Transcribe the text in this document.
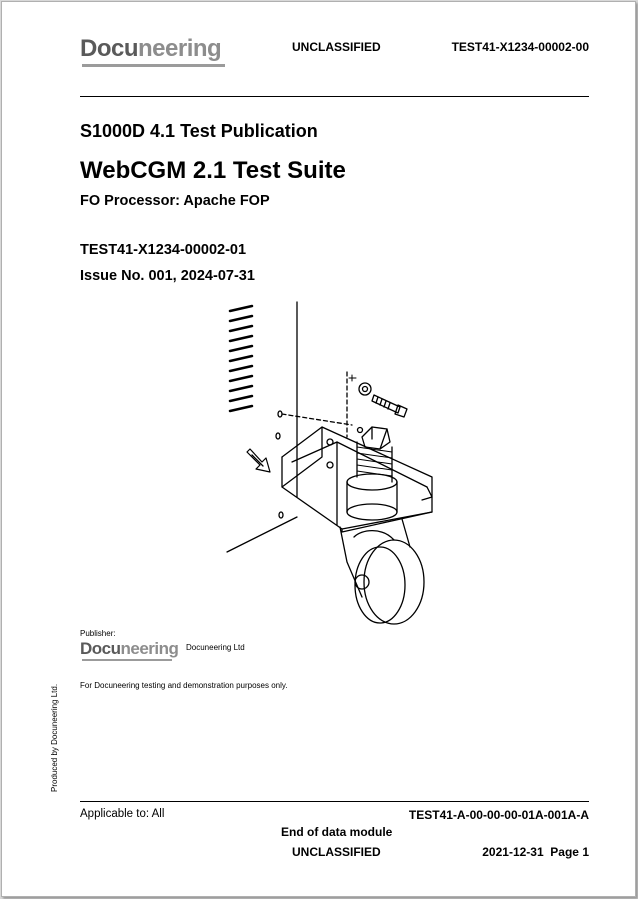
Docuneering	UNCLASSIFIED	TEST41-X1234-00002-00
S1000D 4.1 Test Publication
WebCGM 2.1 Test Suite
FO Processor: Apache FOP
TEST41-X1234-00002-01
Issue No. 001, 2024-07-31
Publisher:
Docuneering Docuneering Ltd
For Docuneering testing and demonstration purposes only.
Produced by Docuneering Ltd.
Applicable to: All	TEST41-A-00-00-00-01A-001A-A
End of data module
UNCLASSIFIED	2021-12-31  Page 1
